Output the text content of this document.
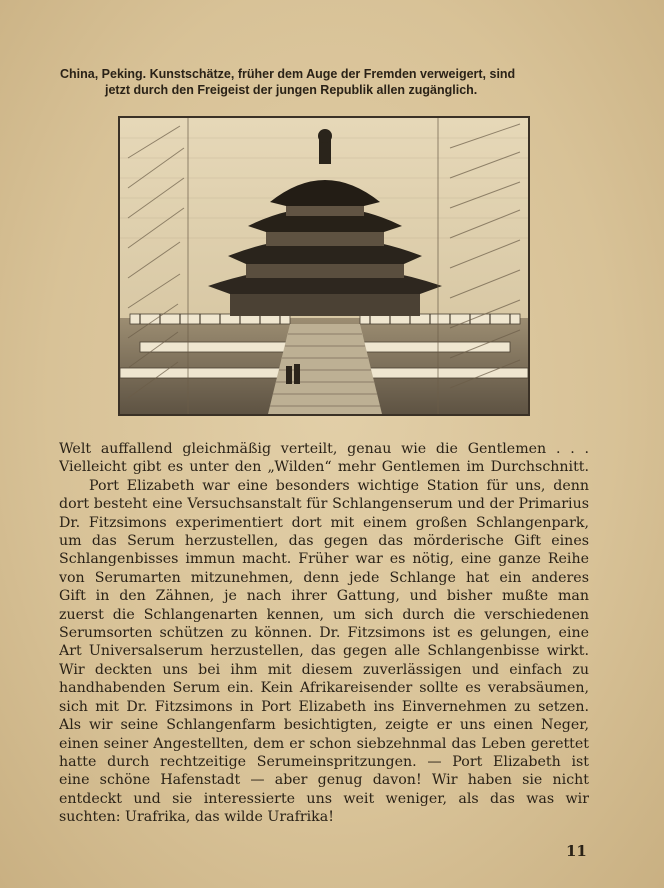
China, Peking. Kunstschätze, früher dem Auge der Fremden verweigert, sind
jetzt durch den Freigeist der jungen Republik allen zugänglich.
Welt auffallend gleichmäßig verteilt, genau wie die Gentlemen . . .
Vielleicht gibt es unter den „Wilden“ mehr Gentlemen im Durchschnitt.
Port Elizabeth war eine besonders wichtige Station für uns, denn
dort besteht eine Versuchsanstalt für Schlangenserum und der Primarius
Dr. Fitzsimons experimentiert dort mit einem großen Schlangenpark,
um das Serum herzustellen, das gegen das mörderische Gift eines
Schlangenbisses immun macht. Früher war es nötig, eine ganze Reihe
von Serumarten mitzunehmen, denn jede Schlange hat ein anderes
Gift in den Zähnen, je nach ihrer Gattung, und bisher mußte man
zuerst die Schlangenarten kennen, um sich durch die verschiedenen
Serumsorten schützen zu können. Dr. Fitzsimons ist es gelungen, eine
Art Universalserum herzustellen, das gegen alle Schlangenbisse wirkt.
Wir deckten uns bei ihm mit diesem zuverlässigen und einfach zu
handhabenden Serum ein. Kein Afrikareisender sollte es verabsäumen,
sich mit Dr. Fitzsimons in Port Elizabeth ins Einvernehmen zu setzen.
Als wir seine Schlangenfarm besichtigten, zeigte er uns einen Neger,
einen seiner Angestellten, dem er schon siebzehnmal das Leben gerettet
hatte durch rechtzeitige Serumeinspritzungen. — Port Elizabeth ist
eine schöne Hafenstadt — aber genug davon! Wir haben sie nicht
entdeckt und sie interessierte uns weit weniger, als das was wir
suchten: Urafrika, das wilde Urafrika!
11
